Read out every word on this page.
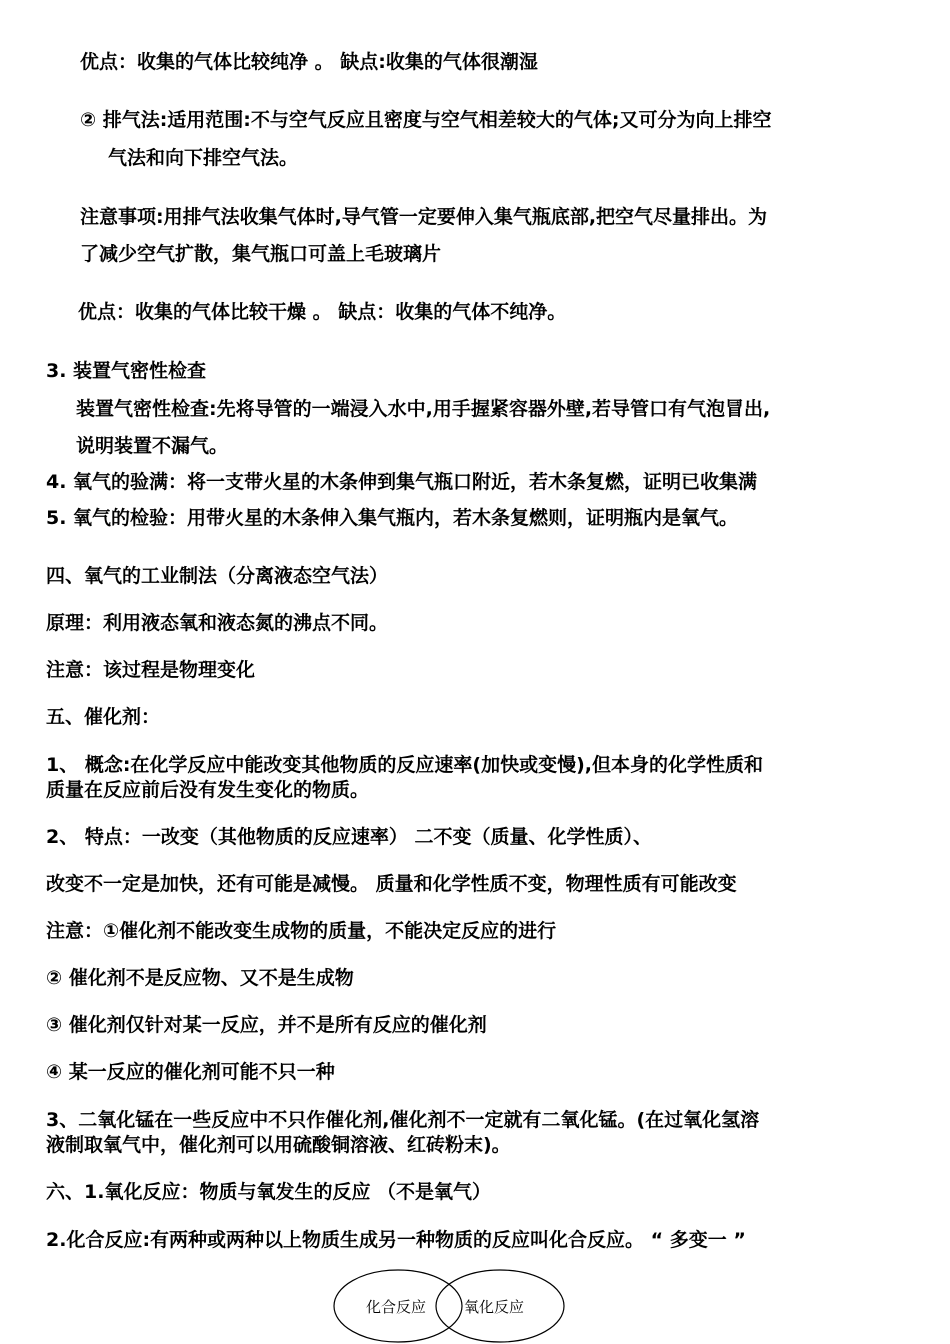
优点：收集的气体比较纯净 。 缺点:收集的气体很潮湿
② 排气法:适用范围:不与空气反应且密度与空气相差较大的气体;又可分为向上排空
气法和向下排空气法。
注意事项:用排气法收集气体时,导气管一定要伸入集气瓶底部,把空气尽量排出。为
了减少空气扩散，集气瓶口可盖上毛玻璃片
优点：收集的气体比较干燥 。 缺点：收集的气体不纯净。
3. 装置气密性检查
装置气密性检查:先将导管的一端浸入水中,用手握紧容器外壁,若导管口有气泡冒出,
说明装置不漏气。
4. 氧气的验满：将一支带火星的木条伸到集气瓶口附近，若木条复燃，证明已收集满
5. 氧气的检验：用带火星的木条伸入集气瓶内，若木条复燃则，证明瓶内是氧气。
四、氧气的工业制法（分离液态空气法）
原理：利用液态氧和液态氮的沸点不同。
注意：该过程是物理变化
五、催化剂：
1、 概念:在化学反应中能改变其他物质的反应速率(加快或变慢),但本身的化学性质和
质量在反应前后没有发生变化的物质。
2、 特点：一改变（其他物质的反应速率） 二不变（质量、化学性质）、
改变不一定是加快，还有可能是减慢。 质量和化学性质不变，物理性质有可能改变
注意：①催化剂不能改变生成物的质量，不能决定反应的进行
② 催化剂不是反应物、又不是生成物
③ 催化剂仅针对某一反应，并不是所有反应的催化剂
④ 某一反应的催化剂可能不只一种
3、二氧化锰在一些反应中不只作催化剂,催化剂不一定就有二氧化锰。(在过氧化氢溶
液制取氧气中，催化剂可以用硫酸铜溶液、红砖粉末)。
六、1.氧化反应：物质与氧发生的反应 （不是氧气）
2.化合反应:有两种或两种以上物质生成另一种物质的反应叫化合反应。 “ 多变一 ”
化合反应	氧化反应
